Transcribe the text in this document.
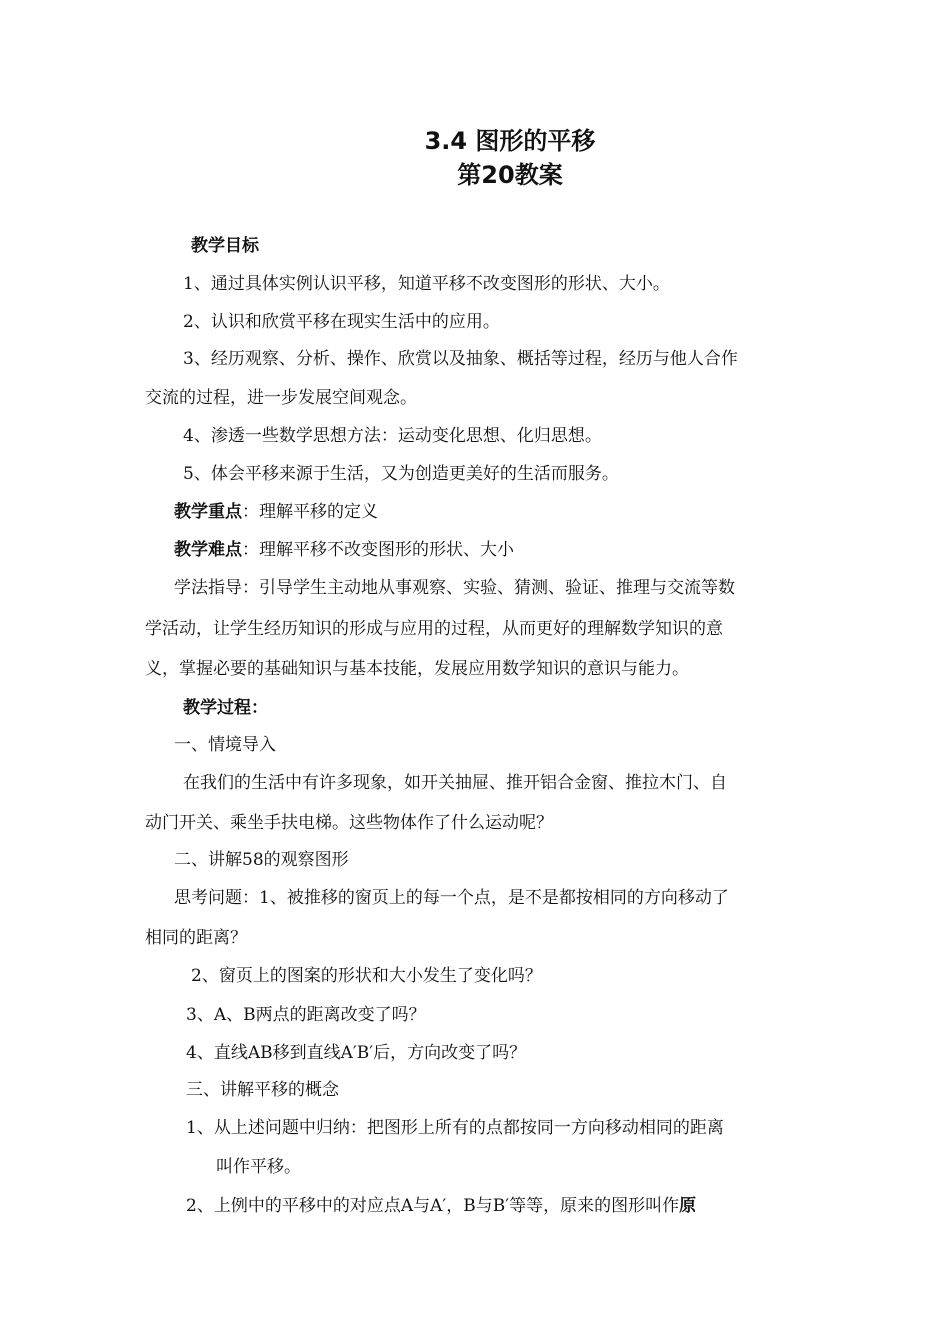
3.4 图形的平移
第20教案
教学目标
1、通过具体实例认识平移，知道平移不改变图形的形状、大小。
2、认识和欣赏平移在现实生活中的应用。
3、经历观察、分析、操作、欣赏以及抽象、概括等过程，经历与他人合作
交流的过程，进一步发展空间观念。
4、渗透一些数学思想方法：运动变化思想、化归思想。
5、体会平移来源于生活，又为创造更美好的生活而服务。
教学重点：理解平移的定义
教学难点：理解平移不改变图形的形状、大小
学法指导：引导学生主动地从事观察、实验、猜测、验证、推理与交流等数
学活动，让学生经历知识的形成与应用的过程，从而更好的理解数学知识的意
义，掌握必要的基础知识与基本技能，发展应用数学知识的意识与能力。
教学过程：
一、情境导入
在我们的生活中有许多现象，如开关抽屉、推开铝合金窗、推拉木门、自
动门开关、乘坐手扶电梯。这些物体作了什么运动呢？
二、讲解58的观察图形
思考问题：1、被推移的窗页上的每一个点，是不是都按相同的方向移动了
相同的距离？
2、窗页上的图案的形状和大小发生了变化吗？
3、A、B两点的距离改变了吗？
4、直线AB移到直线A′B′后，方向改变了吗？
三、讲解平移的概念
1、从上述问题中归纳：把图形上所有的点都按同一方向移动相同的距离
叫作平移。
2、上例中的平移中的对应点A与A′，B与B′等等，原来的图形叫作原
